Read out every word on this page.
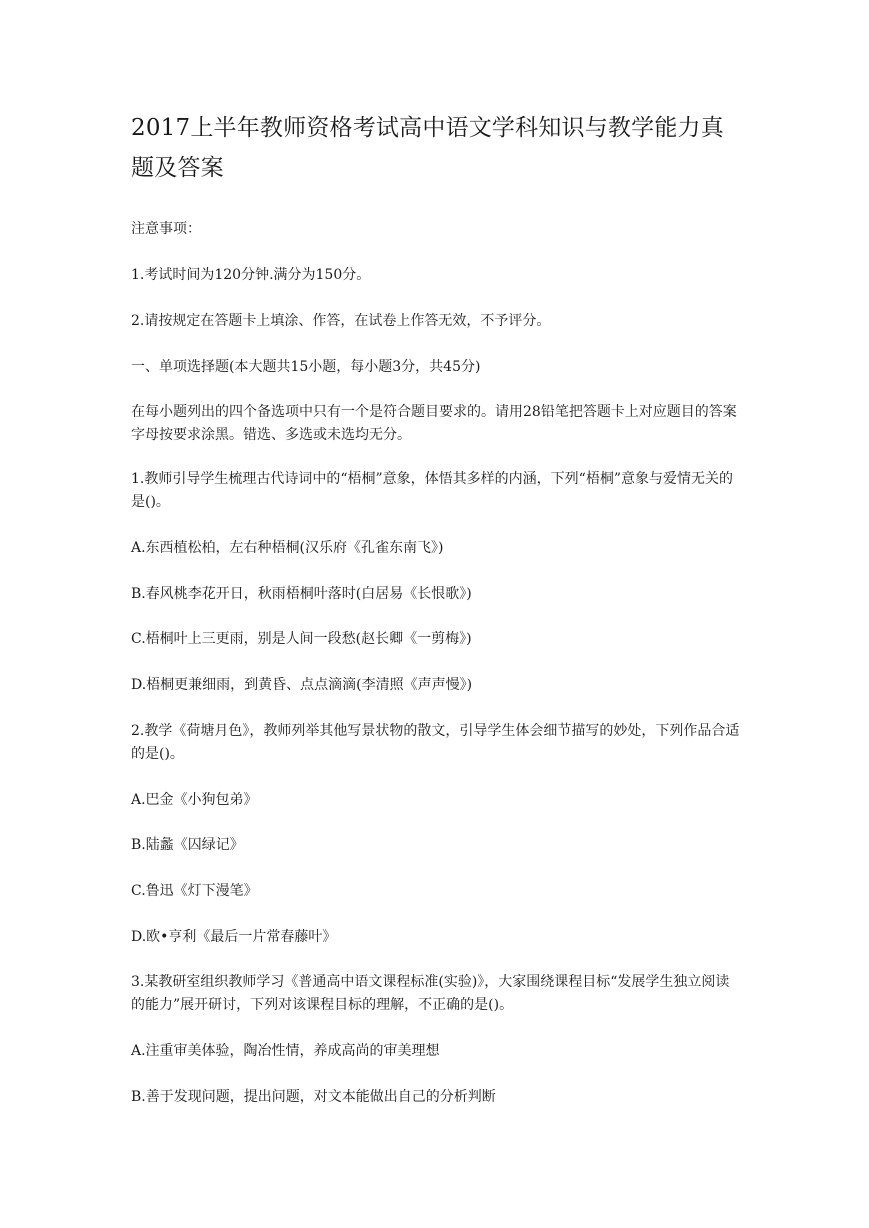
2017上半年教师资格考试高中语文学科知识与教学能力真题及答案

注意事项：

1.考试时间为120分钟.满分为150分。

2.请按规定在答题卡上填涂、作答，在试卷上作答无效，不予评分。

一、单项选择题(本大题共15小题，每小题3分，共45分)

在每小题列出的四个备选项中只有一个是符合题目要求的。请用28铅笔把答题卡上对应题目的答案字母按要求涂黑。错选、多选或未选均无分。

1.教师引导学生梳理古代诗词中的“梧桐”意象，体悟其多样的内涵，下列“梧桐”意象与爱情无关的是()。

A.东西植松柏，左右种梧桐(汉乐府《孔雀东南飞》)

B.春风桃李花开日，秋雨梧桐叶落时(白居易《长恨歌》)

C.梧桐叶上三更雨，别是人间一段愁(赵长卿《一剪梅》)

D.梧桐更兼细雨，到黄昏、点点滴滴(李清照《声声慢》)

2.教学《荷塘月色》，教师列举其他写景状物的散文，引导学生体会细节描写的妙处，下列作品合适的是()。

A.巴金《小狗包弟》

B.陆蠡《囚绿记》

C.鲁迅《灯下漫笔》

D.欧•亨利《最后一片常春藤叶》

3.某教研室组织教师学习《普通高中语文课程标准(实验)》，大家围绕课程目标“发展学生独立阅读的能力”展开研讨，下列对该课程目标的理解，不正确的是()。

A.注重审美体验，陶冶性情，养成高尚的审美理想

B.善于发现问题，提出问题，对文本能做出自己的分析判断
